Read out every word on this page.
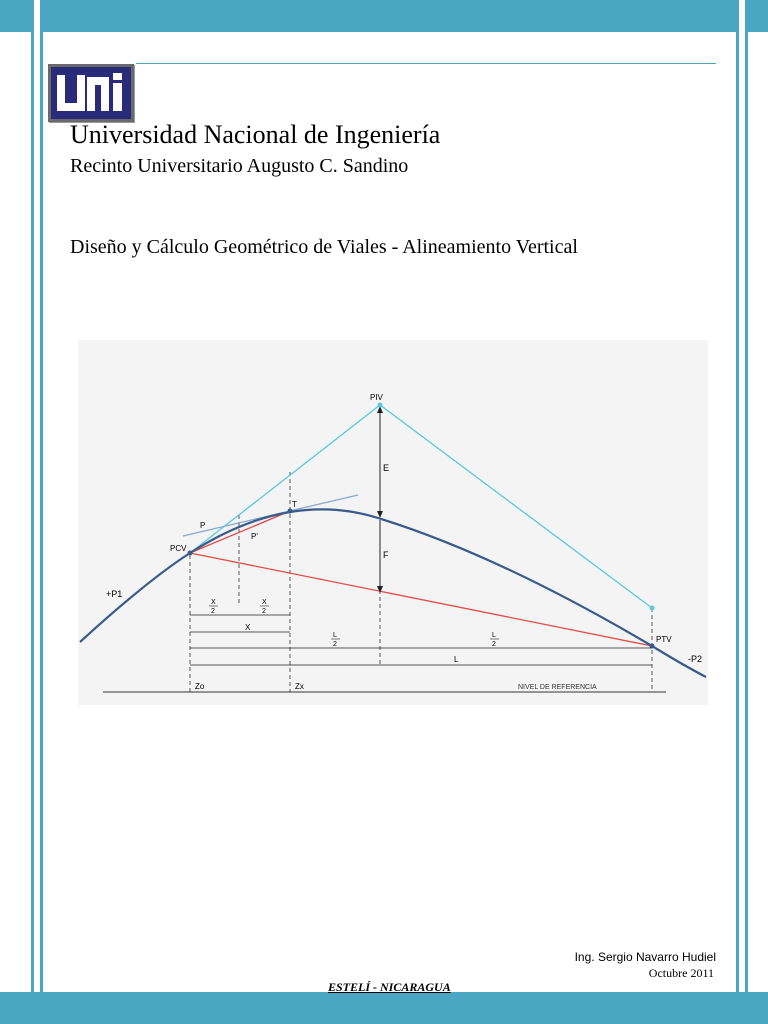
Universidad Nacional de Ingeniería
Recinto Universitario Augusto C. Sandino
Diseño y Cálculo Geométrico de Viales - Alineamiento Vertical
NIVEL DE REFERENCIA
PIV
PCV
PTV
T
E
F
P
P'
+P1
-P2
X
2
X
2
X
L
2
L
2
L
Zo	Zx
Ing. Sergio Navarro Hudiel
Octubre 2011
ESTELÍ - NICARAGUA
